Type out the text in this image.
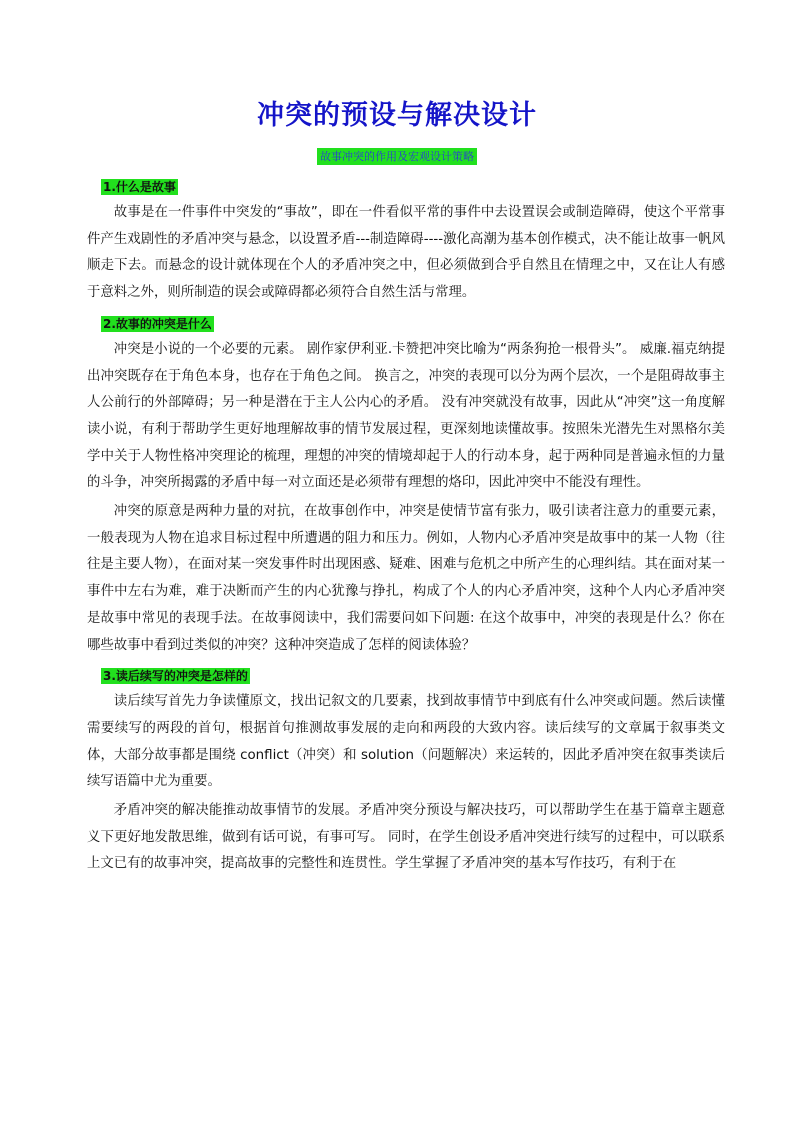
冲突的预设与解决设计
故事冲突的作用及宏观设计策略
1.什么是故事

故事是在一件事件中突发的“事故”，即在一件看似平常的事件中去设置误会或制造障碍，使这个平常事件产生戏剧性的矛盾冲突与悬念，以设置矛盾---制造障碍----激化高潮为基本创作模式，决不能让故事一帆风顺走下去。而悬念的设计就体现在个人的矛盾冲突之中，但必须做到合乎自然且在情理之中，又在让人有感于意料之外，则所制造的误会或障碍都必须符合自然生活与常理。

2.故事的冲突是什么

冲突是小说的一个必要的元素。 剧作家伊利亚.卡赞把冲突比喻为“两条狗抢一根骨头”。 威廉.福克纳提出冲突既存在于角色本身，也存在于角色之间。 换言之，冲突的表现可以分为两个层次，一个是阻碍故事主人公前行的外部障碍；另一种是潜在于主人公内心的矛盾。 没有冲突就没有故事，因此从“冲突”这一角度解读小说，有利于帮助学生更好地理解故事的情节发展过程，更深刻地读懂故事。按照朱光潜先生对黑格尔美学中关于人物性格冲突理论的梳理，理想的冲突的情境却起于人的行动本身，起于两种同是普遍永恒的力量的斗争，冲突所揭露的矛盾中每一对立面还是必须带有理想的烙印，因此冲突中不能没有理性。

冲突的原意是两种力量的对抗，在故事创作中，冲突是使情节富有张力，吸引读者注意力的重要元素，一般表现为人物在追求目标过程中所遭遇的阻力和压力。例如，人物内心矛盾冲突是故事中的某一人物（往往是主要人物），在面对某一突发事件时出现困惑、疑难、困难与危机之中所产生的心理纠结。其在面对某一事件中左右为难，难于决断而产生的内心犹豫与挣扎，构成了个人的内心矛盾冲突，这种个人内心矛盾冲突是故事中常见的表现手法。在故事阅读中，我们需要问如下问题: 在这个故事中，冲突的表现是什么？你在哪些故事中看到过类似的冲突？这种冲突造成了怎样的阅读体验？

3.读后续写的冲突是怎样的

读后续写首先力争读懂原文，找出记叙文的几要素，找到故事情节中到底有什么冲突或问题。然后读懂需要续写的两段的首句，根据首句推测故事发展的走向和两段的大致内容。读后续写的文章属于叙事类文体，大部分故事都是围绕 conflict（冲突）和 solution（问题解决）来运转的，因此矛盾冲突在叙事类读后续写语篇中尤为重要。

矛盾冲突的解决能推动故事情节的发展。矛盾冲突分预设与解决技巧，可以帮助学生在基于篇章主题意义下更好地发散思维，做到有话可说，有事可写。 同时，在学生创设矛盾冲突进行续写的过程中，可以联系上文已有的故事冲突，提高故事的完整性和连贯性。学生掌握了矛盾冲突的基本写作技巧，有利于在
